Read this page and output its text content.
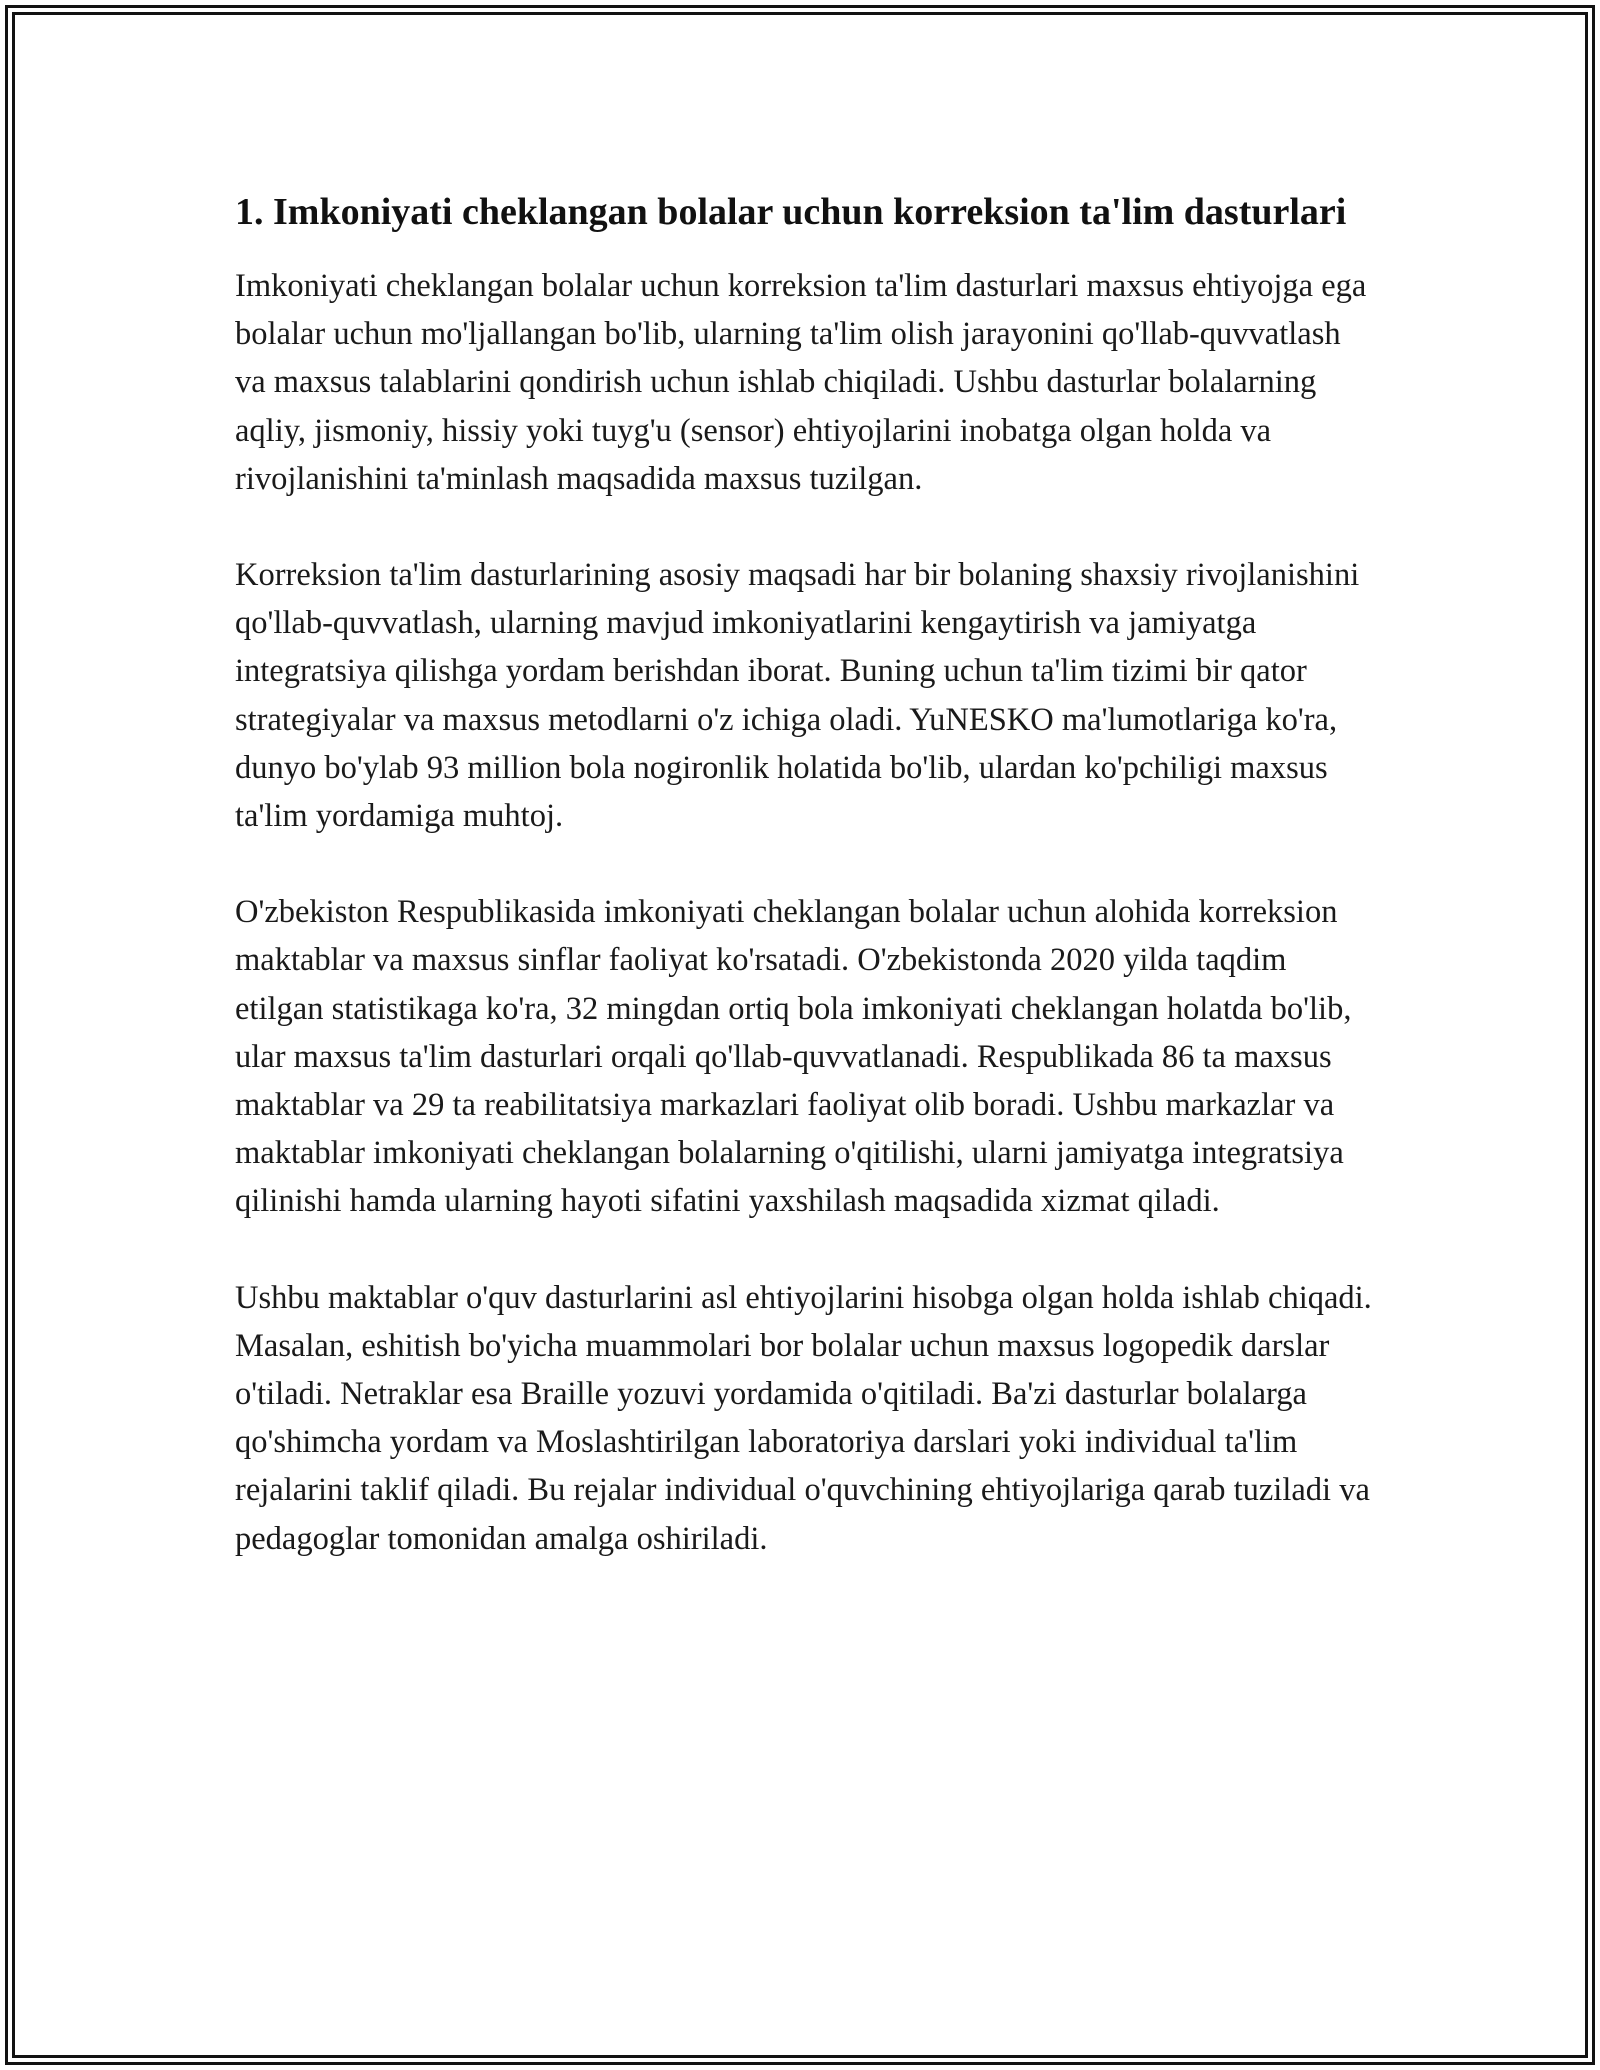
1. Imkoniyati cheklangan bolalar uchun korreksion ta'lim dasturlari

Imkoniyati cheklangan bolalar uchun korreksion ta'lim dasturlari maxsus ehtiyojga ega bolalar uchun mo'ljallangan bo'lib, ularning ta'lim olish jarayonini qo'llab-quvvatlash va maxsus talablarini qondirish uchun ishlab chiqiladi. Ushbu dasturlar bolalarning aqliy, jismoniy, hissiy yoki tuyg'u (sensor) ehtiyojlarini inobatga olgan holda va rivojlanishini ta'minlash maqsadida maxsus tuzilgan.

Korreksion ta'lim dasturlarining asosiy maqsadi har bir bolaning shaxsiy rivojlanishini qo'llab-quvvatlash, ularning mavjud imkoniyatlarini kengaytirish va jamiyatga integratsiya qilishga yordam berishdan iborat. Buning uchun ta'lim tizimi bir qator strategiyalar va maxsus metodlarni o'z ichiga oladi. YuNESKO ma'lumotlariga ko'ra, dunyo bo'ylab 93 million bola nogironlik holatida bo'lib, ulardan ko'pchiligi maxsus ta'lim yordamiga muhtoj.

O'zbekiston Respublikasida imkoniyati cheklangan bolalar uchun alohida korreksion maktablar va maxsus sinflar faoliyat ko'rsatadi. O'zbekistonda 2020 yilda taqdim etilgan statistikaga ko'ra, 32 mingdan ortiq bola imkoniyati cheklangan holatda bo'lib, ular maxsus ta'lim dasturlari orqali qo'llab-quvvatlanadi. Respublikada 86 ta maxsus maktablar va 29 ta reabilitatsiya markazlari faoliyat olib boradi. Ushbu markazlar va maktablar imkoniyati cheklangan bolalarning o'qitilishi, ularni jamiyatga integratsiya qilinishi hamda ularning hayoti sifatini yaxshilash maqsadida xizmat qiladi.

Ushbu maktablar o'quv dasturlarini asl ehtiyojlarini hisobga olgan holda ishlab chiqadi. Masalan, eshitish bo'yicha muammolari bor bolalar uchun maxsus logopedik darslar o'tiladi. Netraklar esa Braille yozuvi yordamida o'qitiladi. Ba'zi dasturlar bolalarga qo'shimcha yordam va Moslashtirilgan laboratoriya darslari yoki individual ta'lim rejalarini taklif qiladi. Bu rejalar individual o'quvchining ehtiyojlariga qarab tuziladi va pedagoglar tomonidan amalga oshiriladi.
